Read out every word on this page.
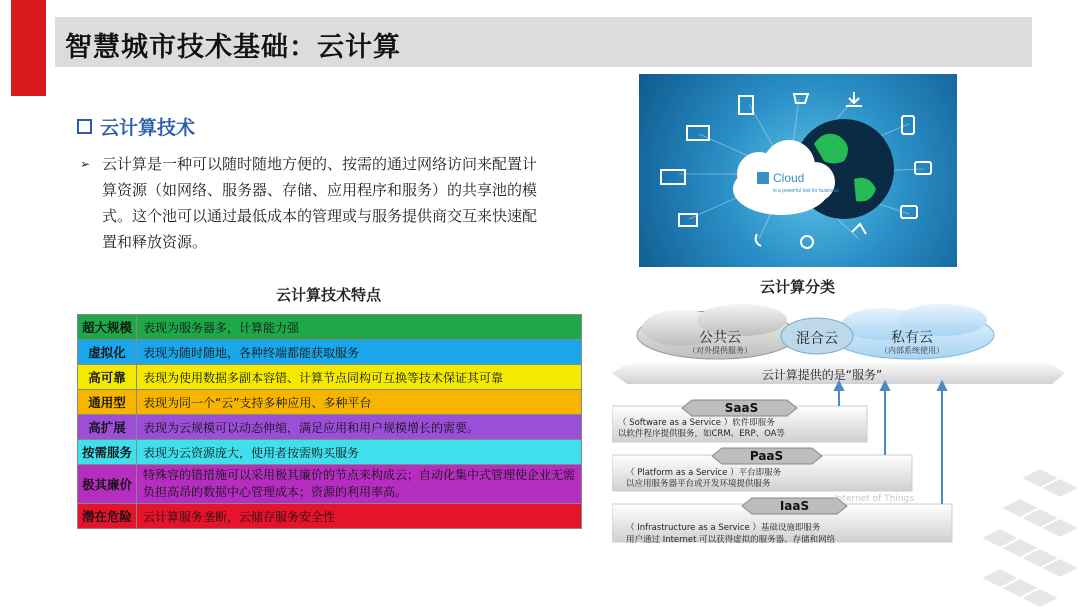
智慧城市技术基础：云计算
云计算技术
➢ 云计算是一种可以随时随地方便的、按需的通过网络访问来配置计算资源（如网络、服务器、存储、应用程序和服务）的共享池的模式。这个池可以通过最低成本的管理或与服务提供商交互来快速配置和释放资源。
Cloud
is a powerful tool for business
云计算技术特点	云计算分类
超大规模	表现为服务器多，计算能力强
虚拟化	表现为随时随地，各种终端都能获取服务
高可靠	表现为使用数据多副本容错、计算节点同构可互换等技术保证其可靠
通用型	表现为同一个“云”支持多种应用、多种平台
高扩展	表现为云规模可以动态伸缩，满足应用和用户规模增长的需要。
按需服务	表现为云资源庞大，使用者按需购买服务
极其廉价	特殊容的错措施可以采用极其廉价的节点来构成云；自动化集中式管理使企业无需负担高昂的数据中心管理成本；资源的利用率高。
潜在危险	云计算服务垄断，云储存服务安全性
公共云
（对外提供服务）
混合云	私有云
（内部系统使用）
云计算提供的是“服务”
SaaS
（ Software as a Service ）软件即服务
以软件程序提供服务，如CRM、ERP、OA等
PaaS
（ Platform as a Service ）平台即服务
以应用服务器平台或开发环境提供服务
IaaS
（ Infrastructure as a Service ）基础设施即服务
用户通过 Internet 可以获得虚拟的服务器、存储和网络
Internet of Things
